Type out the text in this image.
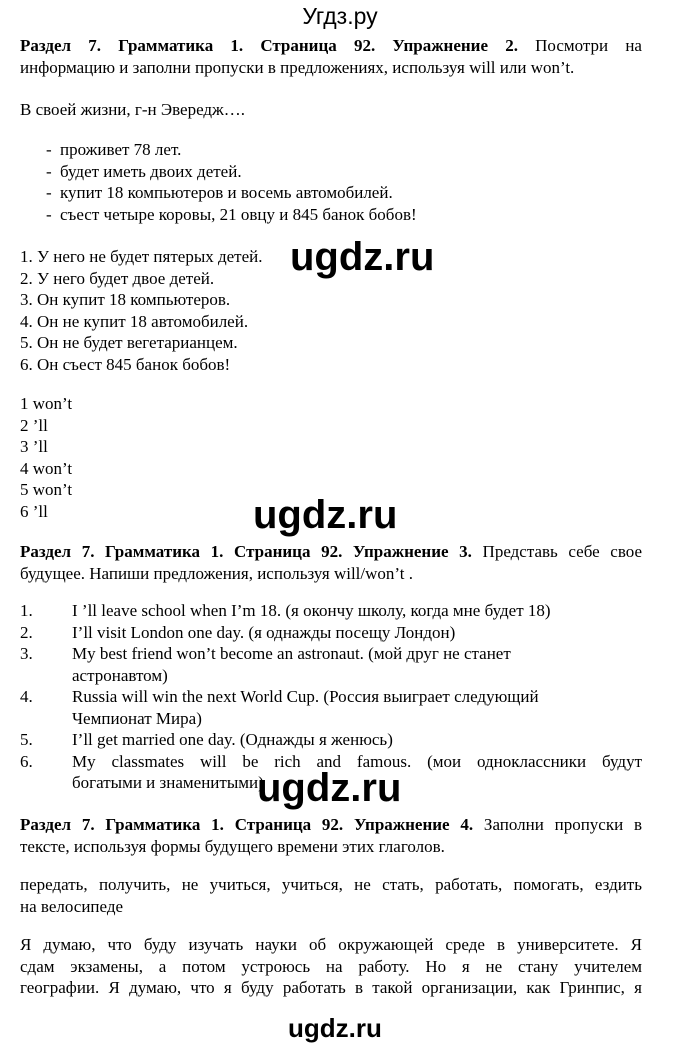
Угдз.ру
Раздел 7. Грамматика 1. Страница 92. Упражнение 2. Посмотри на
информацию и заполни пропуски в предложениях, используя will или won’t.
В своей жизни, г-н Эвередж….
- проживет 78 лет.
- будет иметь двоих детей.
- купит 18 компьютеров и восемь автомобилей.
- съест четыре коровы, 21 овцу и 845 банок бобов!
1. У него не будет пятерых детей.
2. У него будет двое детей.
3. Он купит 18 компьютеров.
4. Он не купит 18 автомобилей.
5. Он не будет вегетарианцем.
6. Он съест 845 банок бобов!
1 won’t
2 ’ll
3 ’ll
4 won’t
5 won’t
6 ’ll
Раздел 7. Грамматика 1. Страница 92. Упражнение 3. Представь себе свое
будущее. Напиши предложения, используя will/won’t .
1.	I ’ll leave school when I’m 18. (я окончу школу, когда мне будет 18)
2.	I’ll visit London one day. (я однажды посещу Лондон)
3.	My best friend won’t become an astronaut. (мой друг не станет
астронавтом)
4.	Russia will win the next World Cup. (Россия выиграет следующий
Чемпионат Мира)
5.	I’ll get married one day. (Однажды я женюсь)
6.	My classmates will be rich and famous. (мои одноклассники будут
богатыми и знаменитыми)
Раздел 7. Грамматика 1. Страница 92. Упражнение 4. Заполни пропуски в
тексте, используя формы будущего времени этих глаголов.
передать, получить, не учиться, учиться, не стать, работать, помогать, ездить
на велосипеде
Я думаю, что буду изучать науки об окружающей среде в университете. Я
сдам экзамены, а потом устроюсь на работу. Но я не стану учителем
географии. Я думаю, что я буду работать в такой организации, как Гринпис, я
ugdz.ru
ugdz.ru
ugdz.ru
ugdz.ru
